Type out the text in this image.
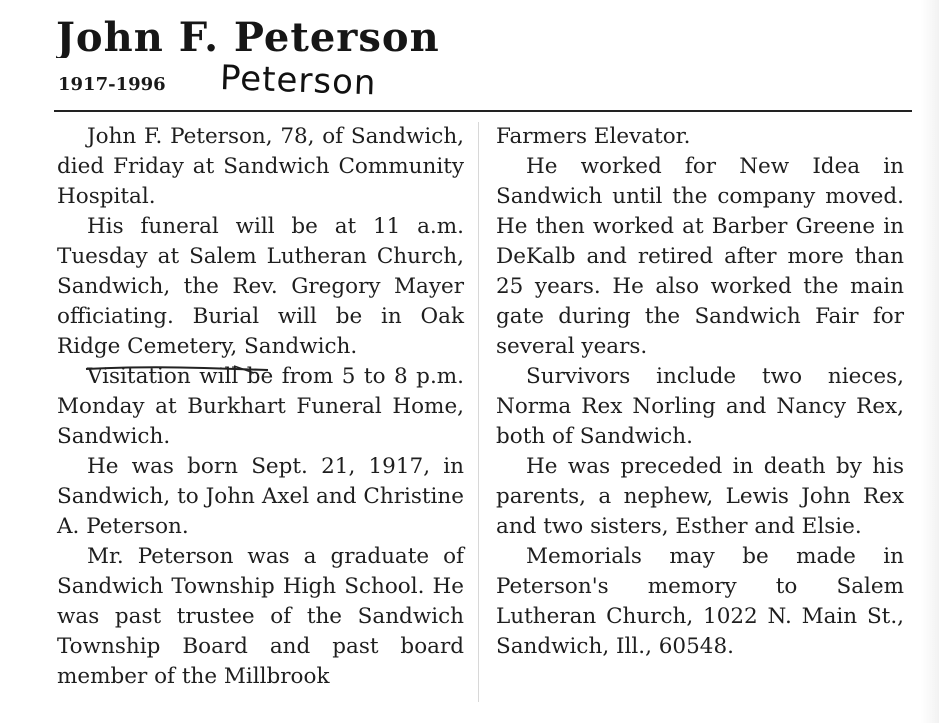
John F. Peterson
1917-1996 Peterson

John F. Peterson, 78, of Sandwich, died Friday at Sandwich Community Hospital.

His funeral will be at 11 a.m. Tuesday at Salem Lutheran Church, Sandwich, the Rev. Gregory Mayer officiating. Burial will be in Oak Ridge Cemetery, Sandwich.

Visitation will be from 5 to 8 p.m. Monday at Burkhart Funeral Home, Sandwich.

He was born Sept. 21, 1917, in Sandwich, to John Axel and Christine A. Peterson.

Mr. Peterson was a graduate of Sandwich Township High School. He was past trustee of the Sandwich Township Board and past board member of the Millbrook

Farmers Elevator.

He worked for New Idea in Sandwich until the company moved. He then worked at Barber Greene in DeKalb and retired after more than 25 years. He also worked the main gate during the Sandwich Fair for several years.

Survivors include two nieces, Norma Rex Norling and Nancy Rex, both of Sandwich.

He was preceded in death by his parents, a nephew, Lewis John Rex and two sisters, Esther and Elsie.

Memorials may be made in Peterson's memory to Salem Lutheran Church, 1022 N. Main St., Sandwich, Ill., 60548.
